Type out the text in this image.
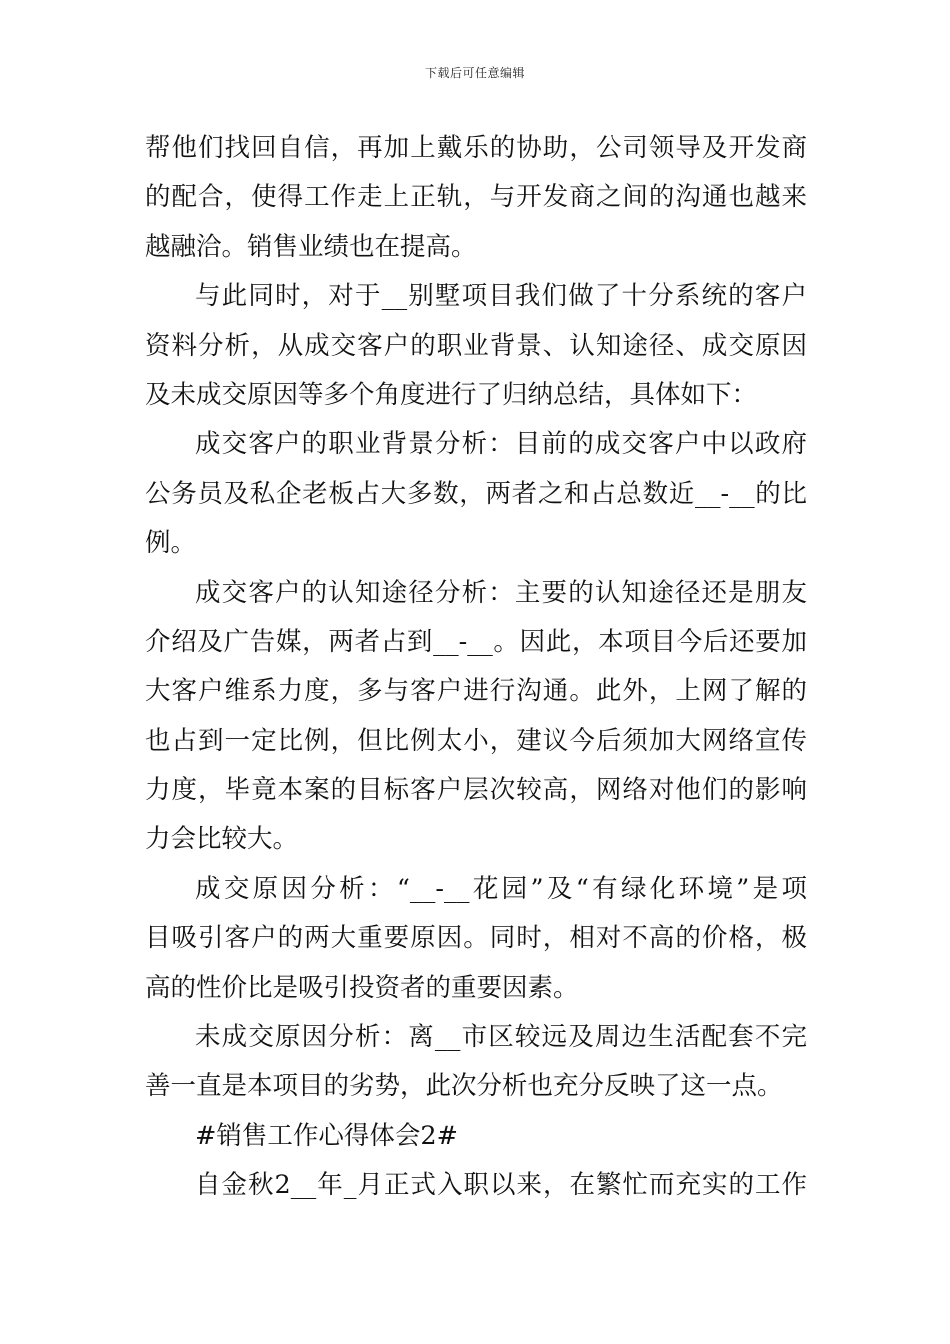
下载后可任意编辑
帮他们找回自信，再加上戴乐的协助，公司领导及开发商
的配合，使得工作走上正轨，与开发商之间的沟通也越来
越融洽。销售业绩也在提高。
与此同时，对于__别墅项目我们做了十分系统的客户
资料分析，从成交客户的职业背景、认知途径、成交原因
及未成交原因等多个角度进行了归纳总结，具体如下：
成交客户的职业背景分析：目前的成交客户中以政府
公务员及私企老板占大多数，两者之和占总数近__-__的比
例。
成交客户的认知途径分析：主要的认知途径还是朋友
介绍及广告媒，两者占到__-__。因此，本项目今后还要加
大客户维系力度，多与客户进行沟通。此外，上网了解的
也占到一定比例，但比例太小，建议今后须加大网络宣传
力度，毕竟本案的目标客户层次较高，网络对他们的影响
力会比较大。
成交原因分析：“__-__花园”及“有绿化环境”是项
目吸引客户的两大重要原因。同时，相对不高的价格，极
高的性价比是吸引投资者的重要因素。
未成交原因分析：离__市区较远及周边生活配套不完
善一直是本项目的劣势，此次分析也充分反映了这一点。
#销售工作心得体会2#
自金秋2__年_月正式入职以来，在繁忙而充实的工作
